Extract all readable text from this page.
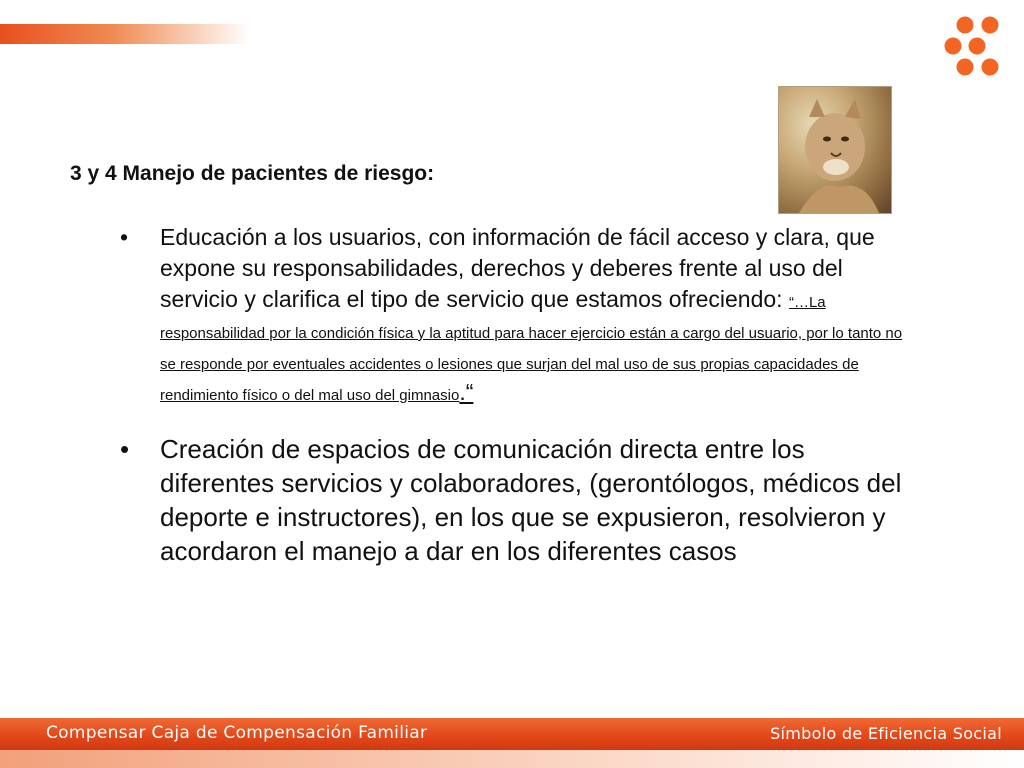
3 y 4 Manejo de pacientes de riesgo:
•	Educación a los usuarios, con información de fácil acceso y clara, que expone su responsabilidades, derechos y deberes frente al uso del servicio y clarifica el tipo de servicio que estamos ofreciendo: “…La responsabilidad por la condición física y la aptitud para hacer ejercicio están a cargo del usuario, por lo tanto no se responde por eventuales accidentes o lesiones que surjan del mal uso de sus propias capacidades de rendimiento físico o del mal uso del gimnasio.“
•	Creación de espacios de comunicación directa entre los diferentes servicios y colaboradores, (gerontólogos, médicos del deporte e instructores), en los que se expusieron, resolvieron y acordaron el manejo a dar en los diferentes casos
Compensar Caja de Compensación Familiar	Símbolo de Eficiencia Social
